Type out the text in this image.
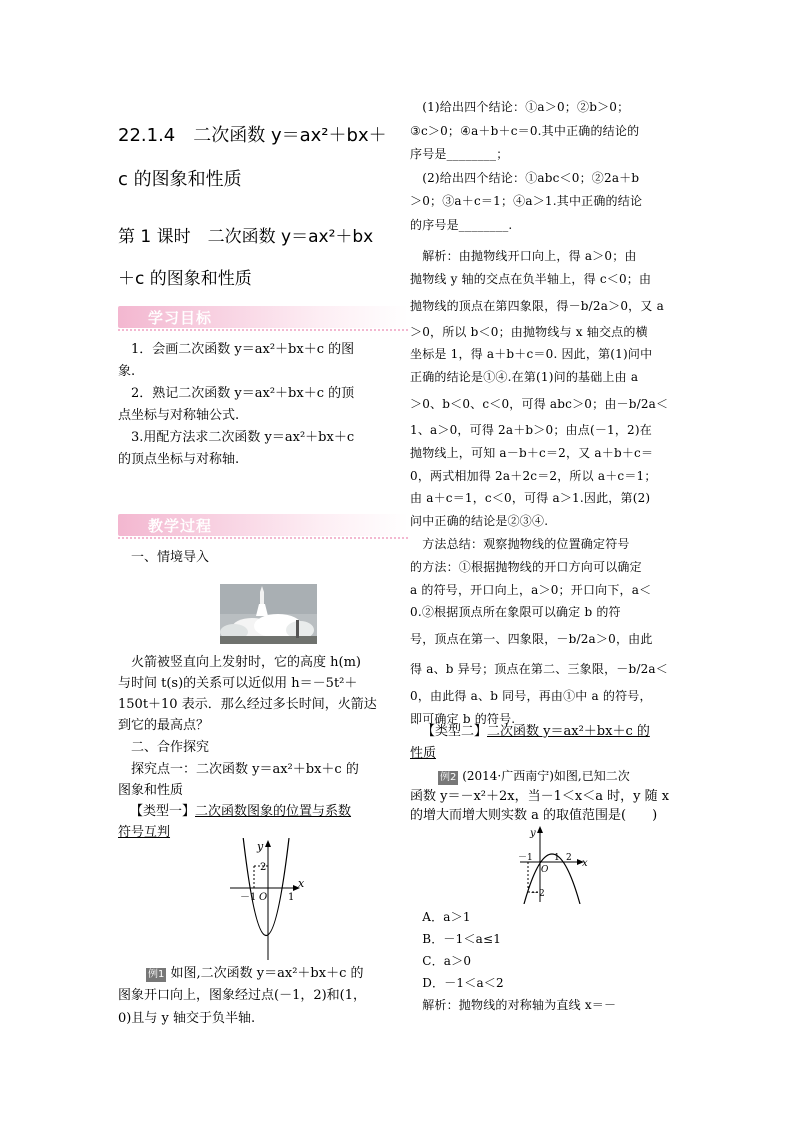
22.1.4　二次函数 y＝ax²＋bx＋
c 的图象和性质
第 1 课时　二次函数 y＝ax²＋bx
＋c 的图象和性质
学习目标

　1．会画二次函数 y＝ax²＋bx＋c 的图

象.

　2．熟记二次函数 y＝ax²＋bx＋c 的顶

点坐标与对称轴公式.

　3.用配方法求二次函数 y＝ax²＋bx＋c

的顶点坐标与对称轴.

教学过程

　一、情境导入

　火箭被竖直向上发射时，它的高度 h(m)

与时间 t(s)的关系可以近似用 h＝－5t²＋

150t＋10 表示．那么经过多长时间，火箭达

到它的最高点？

　二、合作探究

　探究点一：二次函数 y＝ax²＋bx＋c 的

图象和性质

【类型一】二次函数图象的位置与系数

符号互判

例1 如图,二次函数 y＝ax²＋bx＋c 的

图象开口向上，图象经过点(－1，2)和(1，

0)且与 y 轴交于负半轴.

y
x
2
－1 O 1

　(1)给出四个结论：①a＞0；②b＞0；

③c＞0；④a＋b＋c＝0.其中正确的结论的

序号是________；

　(2)给出四个结论：①abc＜0；②2a＋b

＞0；③a＋c＝1；④a＞1.其中正确的结论

的序号是________.

　解析：由抛物线开口向上，得 a＞0；由

抛物线 y 轴的交点在负半轴上，得 c＜0；由

抛物线的顶点在第四象限，得－b/2a＞0，又 a

＞0，所以 b＜0；由抛物线与 x 轴交点的横

坐标是 1，得 a＋b＋c＝0. 因此，第(1)问中

正确的结论是①④.在第(1)问的基础上由 a

＞0、b＜0、c＜0，可得 abc＞0；由－b/2a＜

1、a＞0，可得 2a＋b＞0；由点(－1，2)在

抛物线上，可知 a－b＋c＝2，又 a＋b＋c＝

0，两式相加得 2a＋2c＝2，所以 a＋c＝1；

由 a＋c＝1，c＜0，可得 a＞1.因此，第(2)

问中正确的结论是②③④.

　方法总结：观察抛物线的位置确定符号

的方法：①根据抛物线的开口方向可以确定

a 的符号，开口向上，a＞0；开口向下，a＜

0.②根据顶点所在象限可以确定 b 的符

号，顶点在第一、四象限，－b/2a＞0，由此

得 a、b 异号；顶点在第二、三象限，－b/2a＜

0，由此得 a、b 同号，再由①中 a 的符号，

即可确定 b 的符号.

【类型二】二次函数 y＝ax²＋bx＋c 的

性质

例2 (2014·广西南宁)如图,已知二次

函数 y＝－x²＋2x，当－1＜x＜a 时，y 随 x

的增大而增大则实数 a 的取值范围是(　　)

　A．a＞1

　B．－1＜a≤1

　C．a＞0

　D．－1＜a＜2

　解析：抛物线的对称轴为直线 x＝－

y
x
－1
O
1 2
－2
